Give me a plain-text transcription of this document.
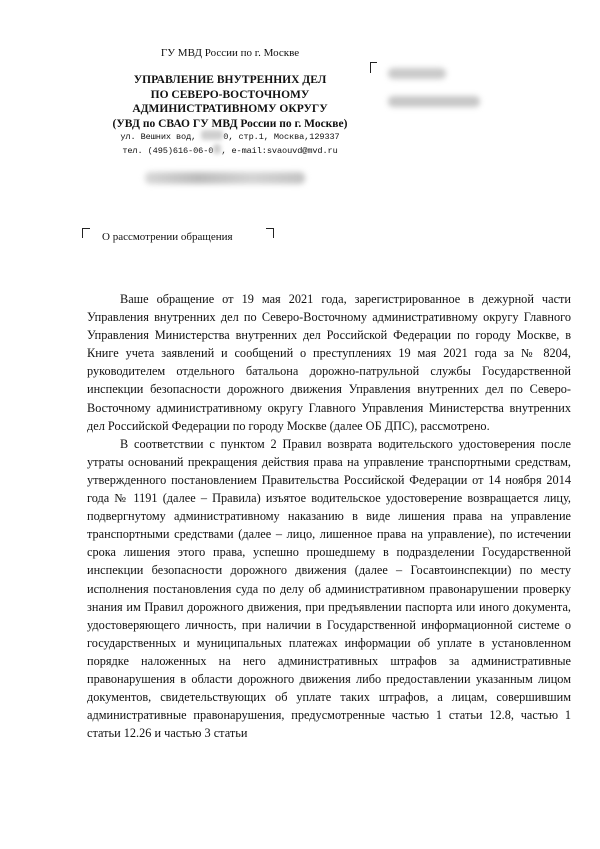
ГУ МВД России по г. Москве
УПРАВЛЕНИЕ ВНУТРЕННИХ ДЕЛ
ПО СЕВЕРО-ВОСТОЧНОМУ
АДМИНИСТРАТИВНОМУ ОКРУГУ
(УВД по СВАО ГУ МВД России по г. Москве)
ул. Вешних вод,	0, стр.1, Москва,129337
тел. (495)616-06-0 , e-mail:svaouvd@mvd.ru
О рассмотрении обращения

Ваше обращение от 19 мая 2021 года, зарегистрированное в дежурной части Управления внутренних дел по Северо-Восточному административному округу Главного Управления Министерства внутренних дел Российской Федерации по городу Москве, в Книге учета заявлений и сообщений о преступлениях 19 мая 2021 года за № 8204, руководителем отдельного батальона дорожно-патрульной службы Государственной инспекции безопасности дорожного движения Управления внутренних дел по Северо-Восточному административному округу Главного Управления Министерства внутренних дел Российской Федерации по городу Москве (далее ОБ ДПС), рассмотрено.

В соответствии с пунктом 2 Правил возврата водительского удостоверения после утраты оснований прекращения действия права на управление транспортными средствам, утвержденного постановлением Правительства Российской Федерации от 14 ноября 2014 года № 1191 (далее – Правила) изъятое водительское удостоверение возвращается лицу, подвергнутому административному наказанию в виде лишения права на управление транспортными средствами (далее – лицо, лишенное права на управление), по истечении срока лишения этого права, успешно прошедшему в подразделении Государственной инспекции безопасности дорожного движения (далее – Госавтоинспекции) по месту исполнения постановления суда по делу об административном правонарушении проверку знания им Правил дорожного движения, при предъявлении паспорта или иного документа, удостоверяющего личность, при наличии в Государственной информационной системе о государственных и муниципальных платежах информации об уплате в установленном порядке наложенных на него административных штрафов за административные правонарушения в области дорожного движения либо предоставлении указанным лицом документов, свидетельствующих об уплате таких штрафов, а лицам, совершившим административные правонарушения, предусмотренные частью 1 статьи 12.8, частью 1 статьи 12.26 и частью 3 статьи
